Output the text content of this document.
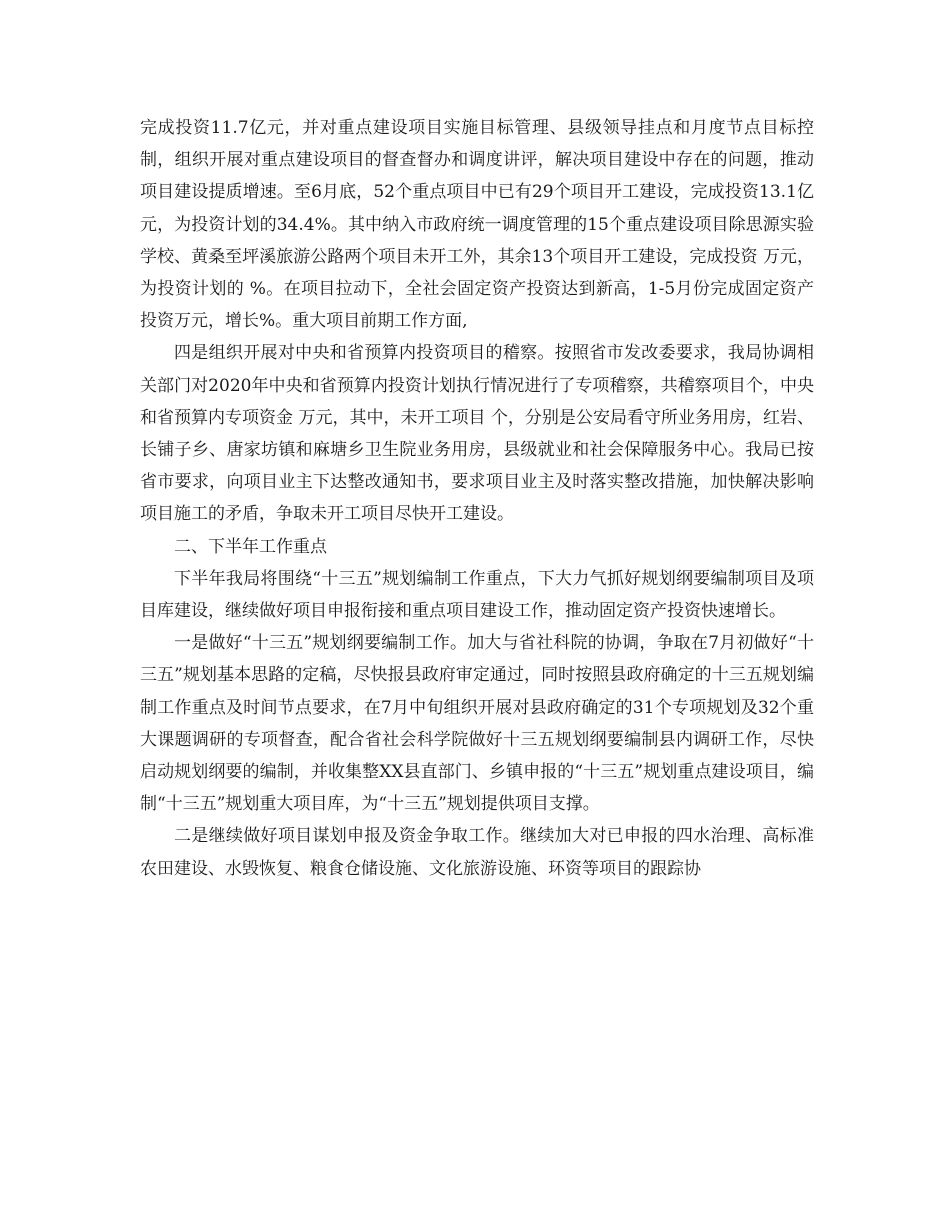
完成投资11.7亿元，并对重点建设项目实施目标管理、县级领导挂点和月度节点目标控制，组织开展对重点建设项目的督查督办和调度讲评，解决项目建设中存在的问题，推动项目建设提质增速。至6月底，52个重点项目中已有29个项目开工建设，完成投资13.1亿元，为投资计划的34.4%。其中纳入市政府统一调度管理的15个重点建设项目除思源实验学校、黄桑至坪溪旅游公路两个项目未开工外，其余13个项目开工建设，完成投资 万元，为投资计划的 %。在项目拉动下，全社会固定资产投资达到新高，1-5月份完成固定资产投资万元，增长%。重大项目前期工作方面,

四是组织开展对中央和省预算内投资项目的稽察。按照省市发改委要求，我局协调相关部门对2020年中央和省预算内投资计划执行情况进行了专项稽察，共稽察项目个，中央和省预算内专项资金 万元，其中，未开工项目 个，分别是公安局看守所业务用房，红岩、长铺子乡、唐家坊镇和麻塘乡卫生院业务用房，县级就业和社会保障服务中心。我局已按省市要求，向项目业主下达整改通知书，要求项目业主及时落实整改措施，加快解决影响项目施工的矛盾，争取未开工项目尽快开工建设。

二、下半年工作重点

下半年我局将围绕“十三五”规划编制工作重点，下大力气抓好规划纲要编制项目及项目库建设，继续做好项目申报衔接和重点项目建设工作，推动固定资产投资快速增长。

一是做好“十三五”规划纲要编制工作。加大与省社科院的协调，争取在7月初做好“十三五”规划基本思路的定稿，尽快报县政府审定通过，同时按照县政府确定的十三五规划编制工作重点及时间节点要求，在7月中旬组织开展对县政府确定的31个专项规划及32个重大课题调研的专项督查，配合省社会科学院做好十三五规划纲要编制县内调研工作，尽快启动规划纲要的编制，并收集整XX县直部门、乡镇申报的“十三五”规划重点建设项目，编制“十三五”规划重大项目库，为“十三五”规划提供项目支撑。

二是继续做好项目谋划申报及资金争取工作。继续加大对已申报的四水治理、高标准农田建设、水毁恢复、粮食仓储设施、文化旅游设施、环资等项目的跟踪协
